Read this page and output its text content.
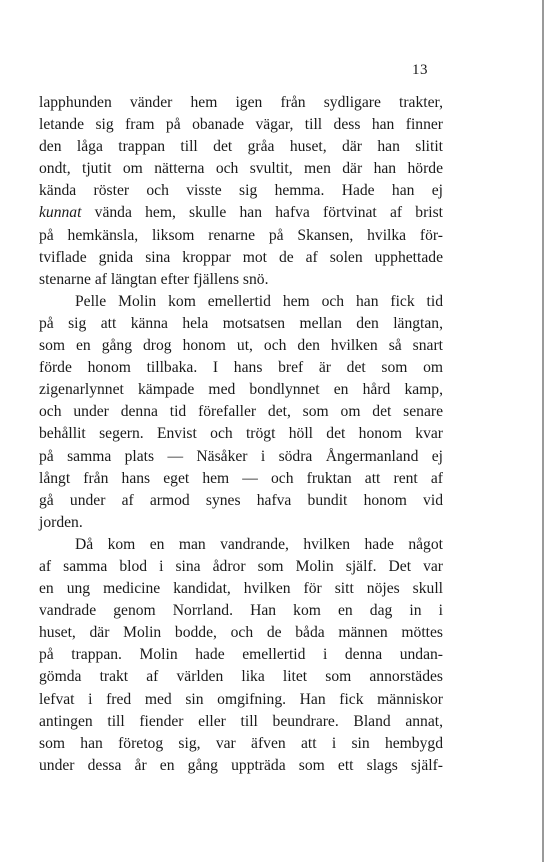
13
lapphunden vänder hem igen från sydligare trakter,
letande sig fram på obanade vägar, till dess han finner
den låga trappan till det gråa huset, där han slitit
ondt, tjutit om nätterna och svultit, men där han hörde
kända röster och visste sig hemma. Hade han ej
kunnat vända hem, skulle han hafva förtvinat af brist
på hemkänsla, liksom renarne på Skansen, hvilka för-
tviflade gnida sina kroppar mot de af solen upphettade
stenarne af längtan efter fjällens snö.
Pelle Molin kom emellertid hem och han fick tid
på sig att känna hela motsatsen mellan den längtan,
som en gång drog honom ut, och den hvilken så snart
förde honom tillbaka. I hans bref är det som om
zigenarlynnet kämpade med bondlynnet en hård kamp,
och under denna tid förefaller det, som om det senare
behållit segern. Envist och trögt höll det honom kvar
på samma plats — Näsåker i södra Ångermanland ej
långt från hans eget hem — och fruktan att rent af
gå under af armod synes hafva bundit honom vid
jorden.
Då kom en man vandrande, hvilken hade något
af samma blod i sina ådror som Molin själf. Det var
en ung medicine kandidat, hvilken för sitt nöjes skull
vandrade genom Norrland. Han kom en dag in i
huset, där Molin bodde, och de båda männen möttes
på trappan. Molin hade emellertid i denna undan-
gömda trakt af världen lika litet som annorstädes
lefvat i fred med sin omgifning. Han fick människor
antingen till fiender eller till beundrare. Bland annat,
som han företog sig, var äfven att i sin hembygd
under dessa år en gång uppträda som ett slags själf-
